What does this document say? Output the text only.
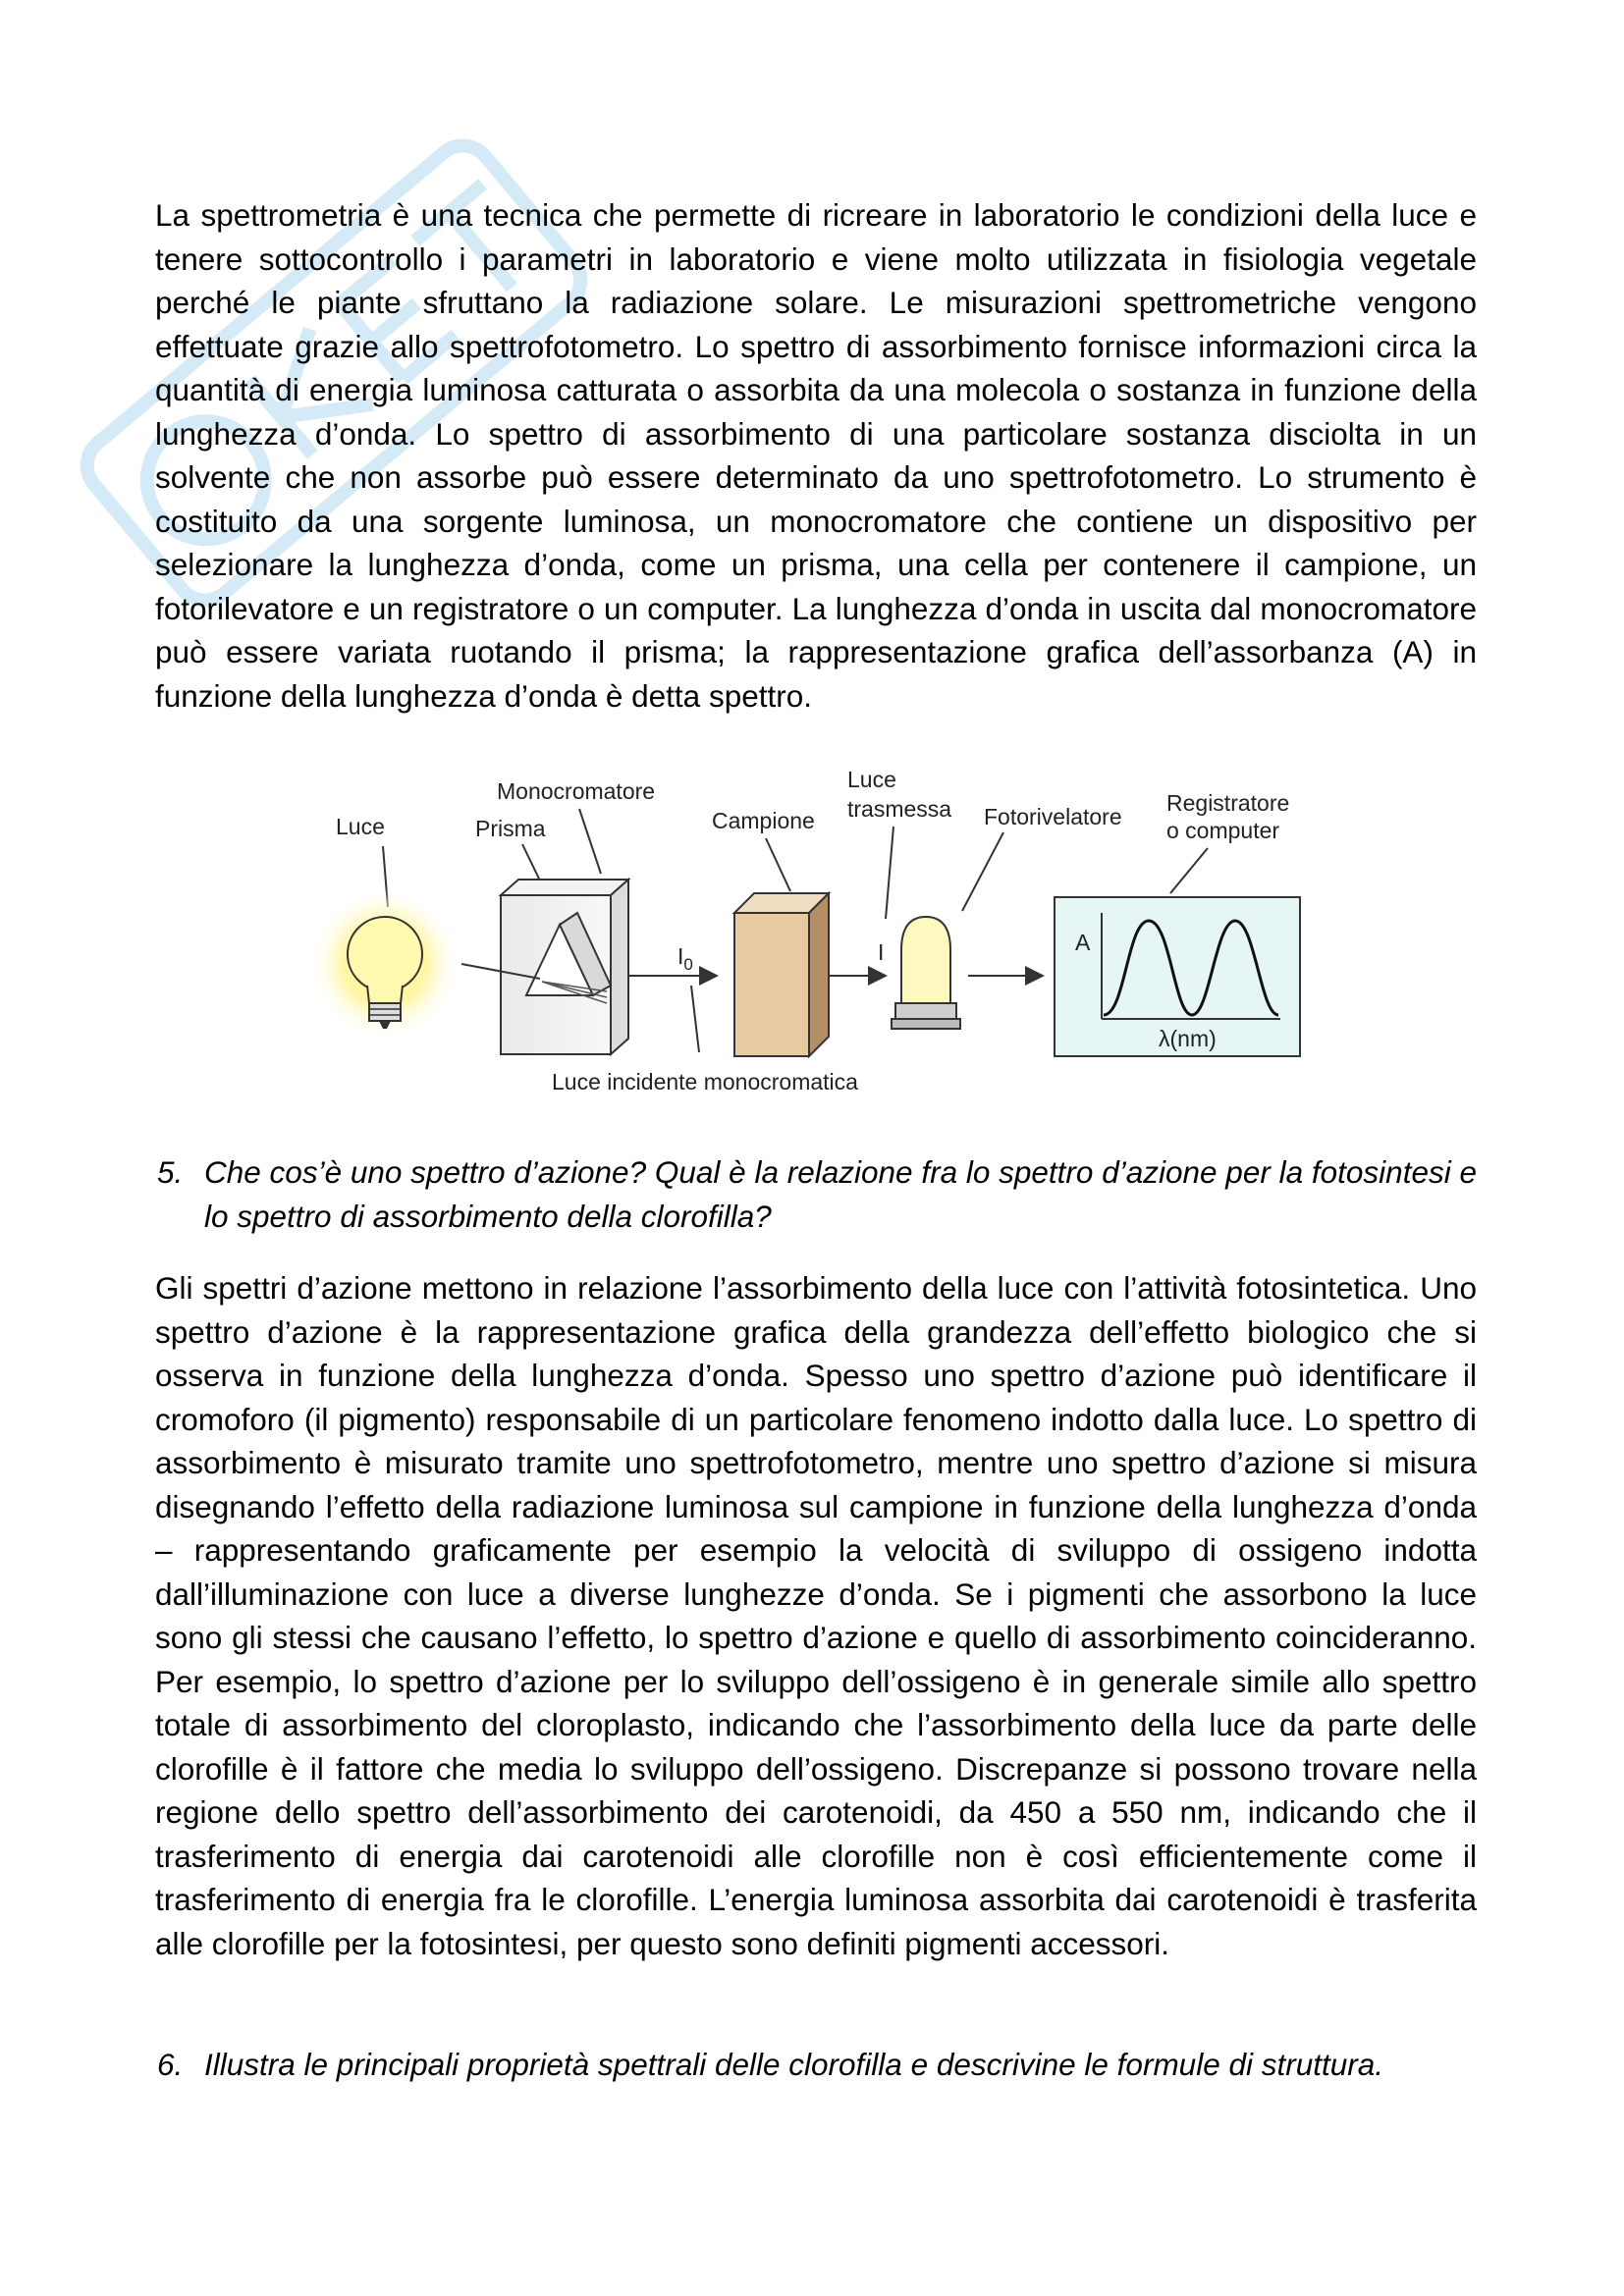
La spettrometria è una tecnica che permette di ricreare in laboratorio le condizioni della luce e tenere sottocontrollo i parametri in laboratorio e viene molto utilizzata in fisiologia vegetale perché le piante sfruttano la radiazione solare. Le misurazioni spettrometriche vengono effettuate grazie allo spettrofotometro. Lo spettro di assorbimento fornisce informazioni circa la quantità di energia luminosa catturata o assorbita da una molecola o sostanza in funzione della lunghezza d’onda. Lo spettro di assorbimento di una particolare sostanza disciolta in un solvente che non assorbe può essere determinato da uno spettrofotometro. Lo strumento è costituito da una sorgente luminosa, un monocromatore che contiene un dispositivo per selezionare la lunghezza d’onda, come un prisma, una cella per contenere il campione, un fotorilevatore e un registratore o un computer. La lunghezza d’onda in uscita dal monocromatore può essere variata ruotando il prisma; la rappresentazione grafica dell’assorbanza (A) in funzione della lunghezza d’onda è detta spettro.

Luce
Monocromatore
Prisma	Campione
Luce
trasmessa Fotorivelatore
Registratore
o computer
$I_0$	I	A
λ(nm)
Luce incidente monocromatica
5. Che cos’è uno spettro d’azione? Qual è la relazione fra lo spettro d’azione per la fotosintesi e lo spettro di assorbimento della clorofilla?

Gli spettri d’azione mettono in relazione l’assorbimento della luce con l’attività fotosintetica. Uno spettro d’azione è la rappresentazione grafica della grandezza dell’effetto biologico che si osserva in funzione della lunghezza d’onda. Spesso uno spettro d’azione può identificare il cromoforo (il pigmento) responsabile di un particolare fenomeno indotto dalla luce. Lo spettro di assorbimento è misurato tramite uno spettrofotometro, mentre uno spettro d’azione si misura disegnando l’effetto della radiazione luminosa sul campione in funzione della lunghezza d’onda – rappresentando graficamente per esempio la velocità di sviluppo di ossigeno indotta dall’illuminazione con luce a diverse lunghezze d’onda. Se i pigmenti che assorbono la luce sono gli stessi che causano l’effetto, lo spettro d’azione e quello di assorbimento coincideranno. Per esempio, lo spettro d’azione per lo sviluppo dell’ossigeno è in generale simile allo spettro totale di assorbimento del cloroplasto, indicando che l’assorbimento della luce da parte delle clorofille è il fattore che media lo sviluppo dell’ossigeno. Discrepanze si possono trovare nella regione dello spettro dell’assorbimento dei carotenoidi, da 450 a 550 nm, indicando che il trasferimento di energia dai carotenoidi alle clorofille non è così efficientemente come il trasferimento di energia fra le clorofille. L’energia luminosa assorbita dai carotenoidi è trasferita alle clorofille per la fotosintesi, per questo sono definiti pigmenti accessori.

6. Illustra le principali proprietà spettrali delle clorofilla e descrivine le formule di struttura.
